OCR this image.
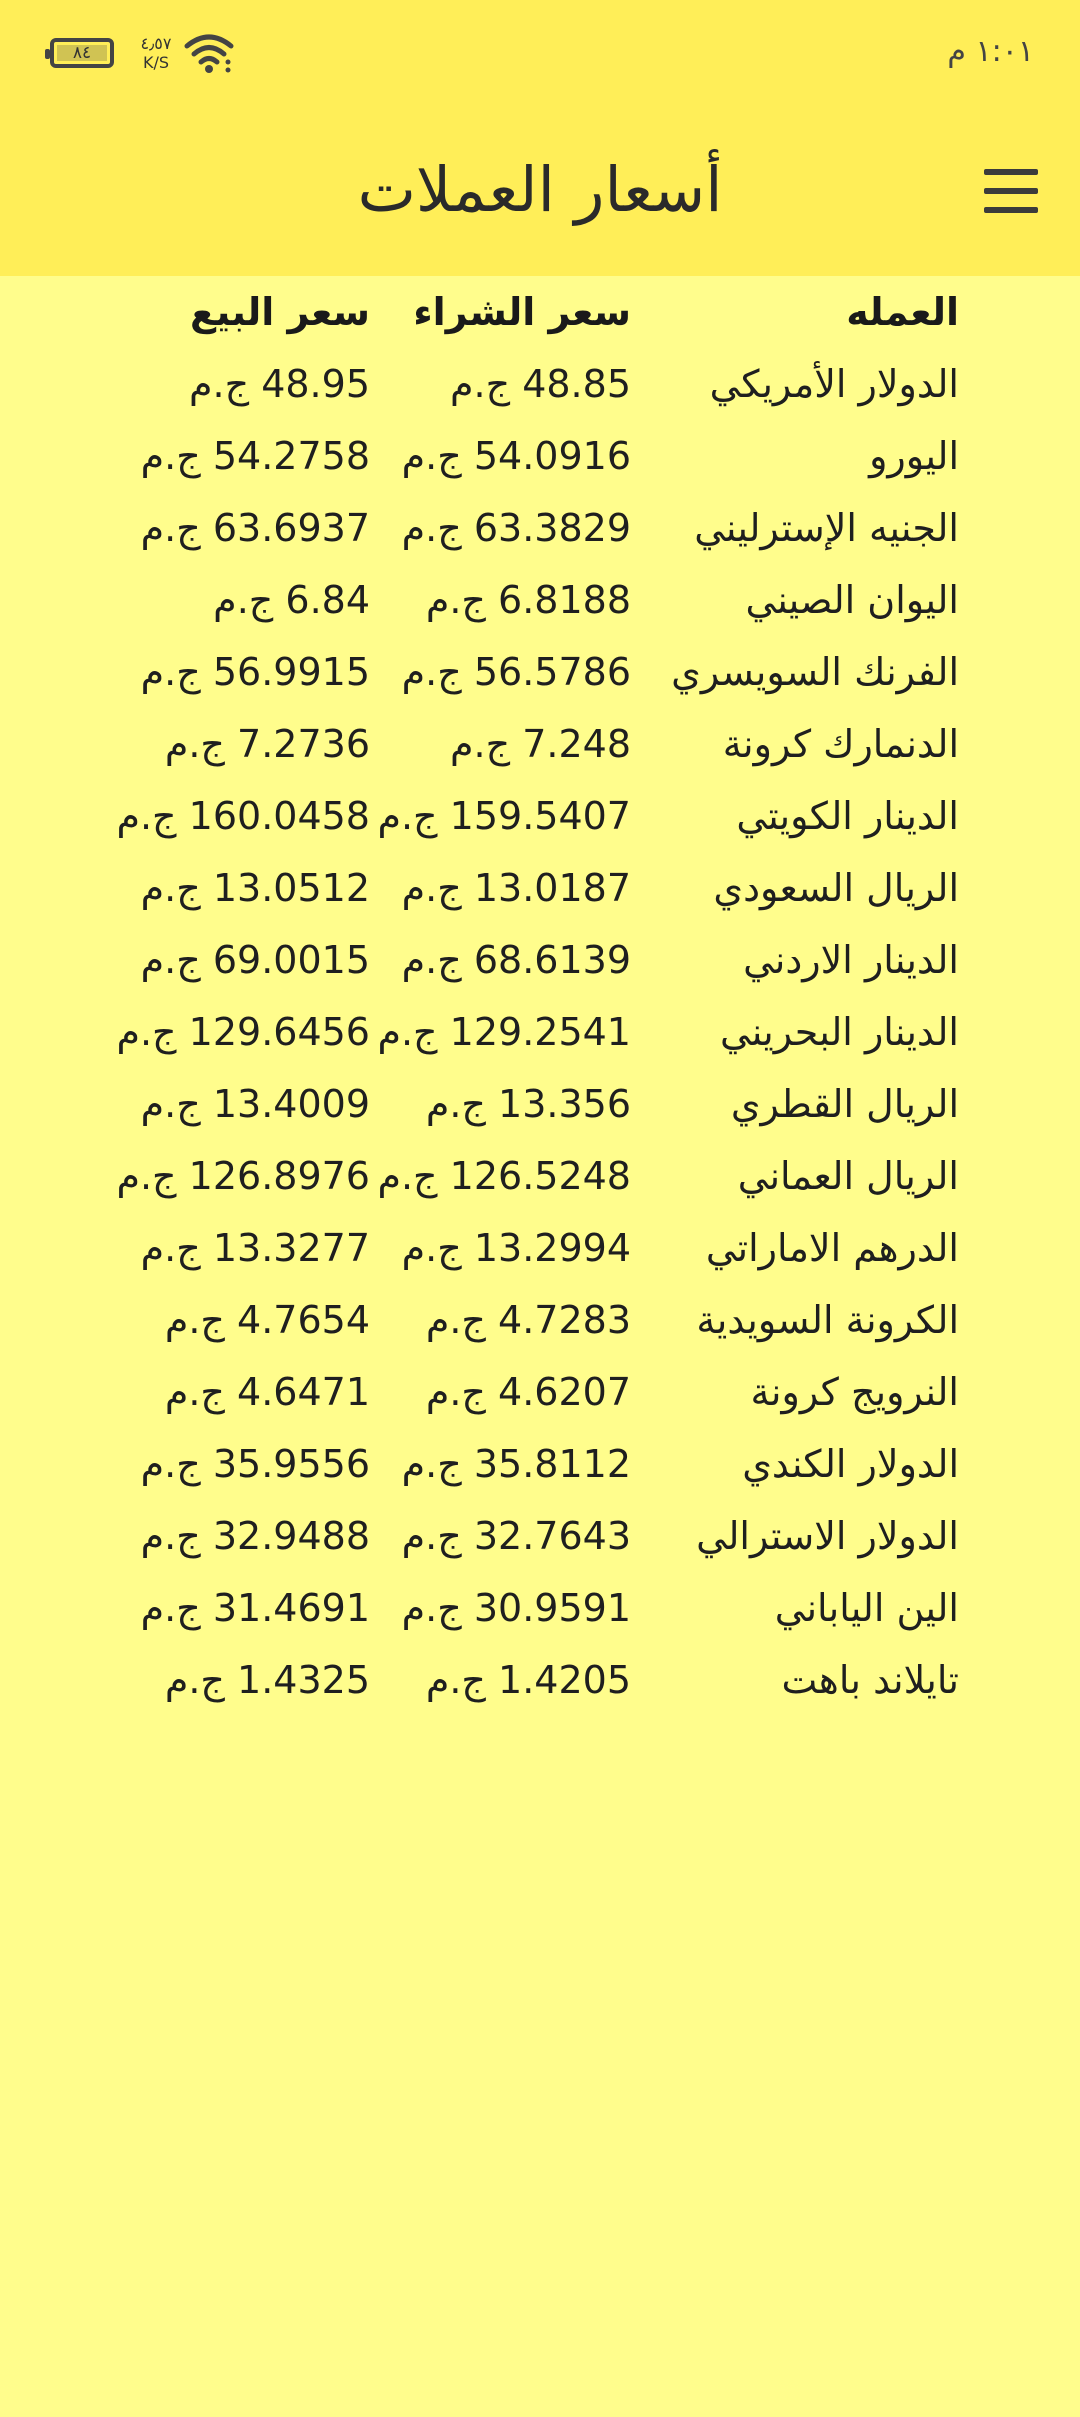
٨٤	٤٫٥٧
K/S	١:٠١ م
أسعار العملات
العمله
سعر الشراء
سعر البيع
الدولار الأمريكي
48.85 ج.م
48.95 ج.م
اليورو
54.0916 ج.م
54.2758 ج.م
الجنيه الإسترليني
63.3829 ج.م
63.6937 ج.م
اليوان الصيني
6.8188 ج.م
6.84 ج.م
الفرنك السويسري
56.5786 ج.م
56.9915 ج.م
الدنمارك كرونة
7.248 ج.م
7.2736 ج.م
الدينار الكويتي
159.5407 ج.م
160.0458 ج.م
الريال السعودي
13.0187 ج.م
13.0512 ج.م
الدينار الاردني
68.6139 ج.م
69.0015 ج.م
الدينار البحريني
129.2541 ج.م
129.6456 ج.م
الريال القطري
13.356 ج.م
13.4009 ج.م
الريال العماني
126.5248 ج.م
126.8976 ج.م
الدرهم الاماراتي
13.2994 ج.م
13.3277 ج.م
الكرونة السويدية
4.7283 ج.م
4.7654 ج.م
النرويج كرونة
4.6207 ج.م
4.6471 ج.م
الدولار الكندي
35.8112 ج.م
35.9556 ج.م
الدولار الاسترالي
32.7643 ج.م
32.9488 ج.م
الين الياباني
30.9591 ج.م
31.4691 ج.م
تايلاند باهت
1.4205 ج.م
1.4325 ج.م
